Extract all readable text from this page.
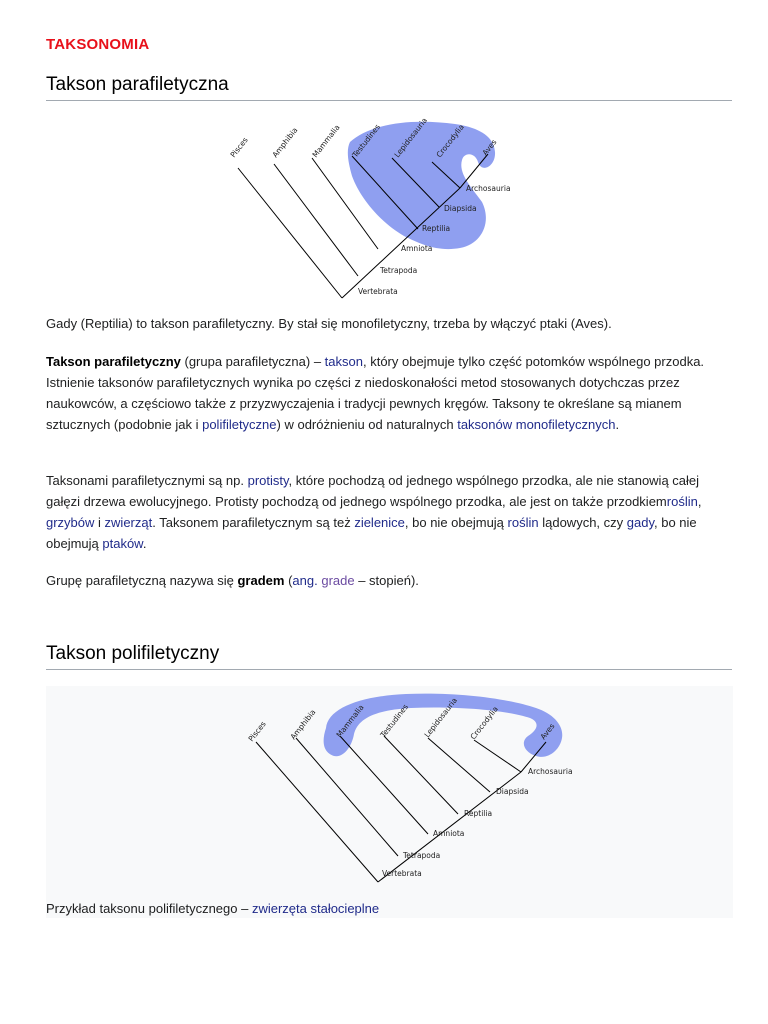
TAKSONOMIA
Takson parafiletyczna
Pisces	Amphibia Mammalia Testudines Lepidosauria Crocodylia Aves
Archosauria
Diapsida
Reptilia
Amniota
Tetrapoda
Vertebrata

Gady (Reptilia) to takson parafiletyczny. By stał się monofiletyczny, trzeba by włączyć ptaki (Aves).

Takson parafiletyczny (grupa parafiletyczna) – takson, który obejmuje tylko część potomków wspólnego przodka. Istnienie taksonów parafiletycznych wynika po części z niedoskonałości metod stosowanych dotychczas przez naukowców, a częściowo także z przyzwyczajenia i tradycji pewnych kręgów. Taksony te określane są mianem sztucznych (podobnie jak i polifiletyczne) w odróżnieniu od naturalnych taksonów monofiletycznych.

Taksonami parafiletycznymi są np. protisty, które pochodzą od jednego wspólnego przodka, ale nie stanowią całej gałęzi drzewa ewolucyjnego. Protisty pochodzą od jednego wspólnego przodka, ale jest on także przodkiemroślin, grzybów i zwierząt. Taksonem parafiletycznym są też zielenice, bo nie obejmują roślin lądowych, czy gady, bo nie obejmują ptaków.

Grupę parafiletyczną nazywa się gradem (ang. grade – stopień).

Takson polifiletyczny
Pisces	Amphibia Mammalia Testudines Lepidosauria Crocodylia	Aves
Archosauria
Diapsida
Reptilia
Amniota
Tetrapoda
Vertebrata
Przykład taksonu polifiletycznego – zwierzęta stałocieplne
